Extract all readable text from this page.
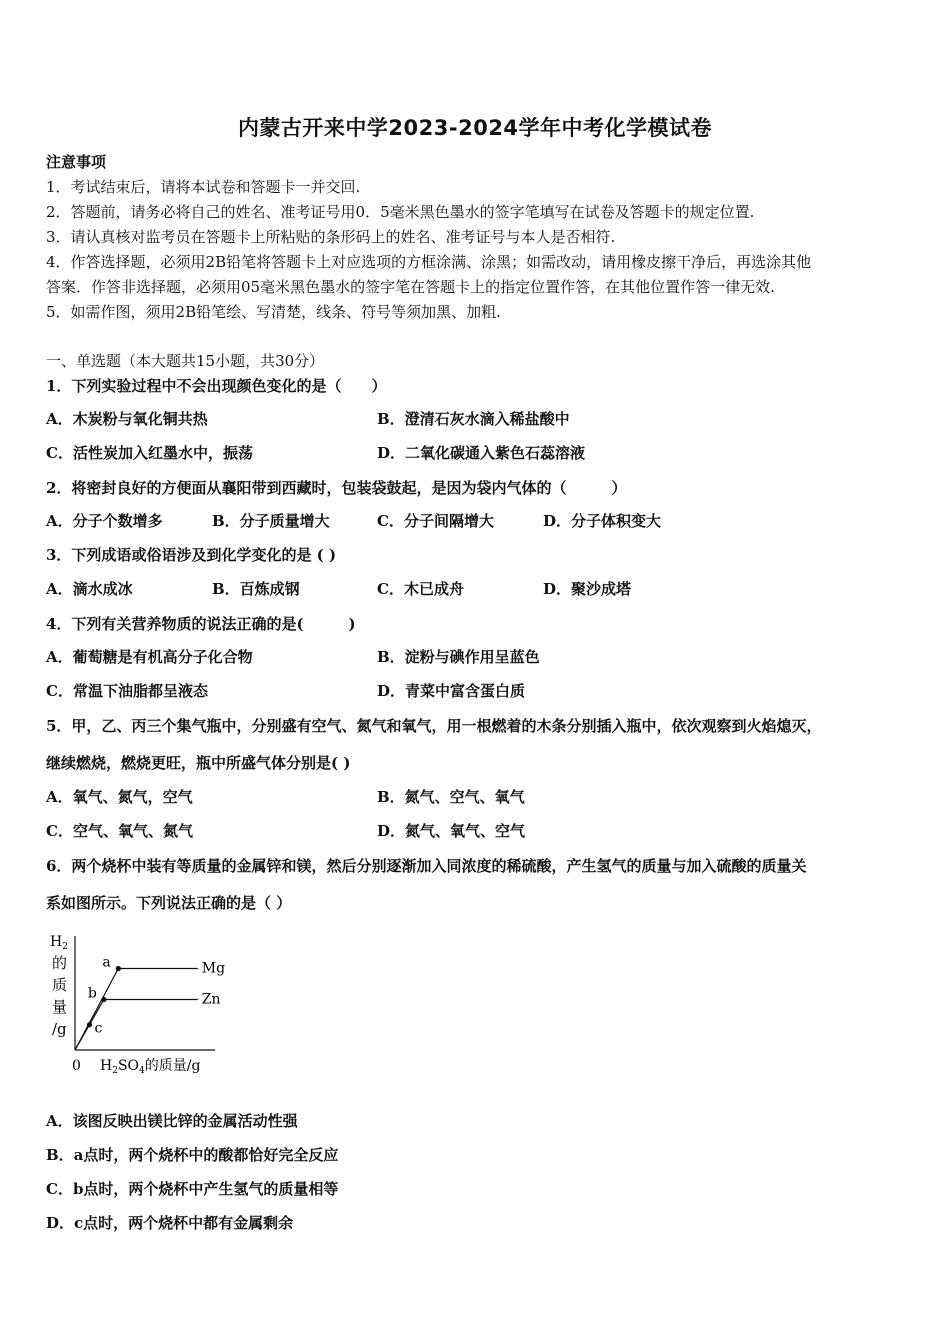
内蒙古开来中学2023-2024学年中考化学模试卷
注意事项
1．考试结束后，请将本试卷和答题卡一并交回.
2．答题前，请务必将自己的姓名、准考证号用0．5毫米黑色墨水的签字笔填写在试卷及答题卡的规定位置.
3．请认真核对监考员在答题卡上所粘贴的条形码上的姓名、准考证号与本人是否相符.
4．作答选择题，必须用2B铅笔将答题卡上对应选项的方框涂满、涂黑；如需改动，请用橡皮擦干净后，再选涂其他
答案．作答非选择题，必须用05毫米黑色墨水的签字笔在答题卡上的指定位置作答，在其他位置作答一律无效.
5．如需作图，须用2B铅笔绘、写清楚，线条、符号等须加黑、加粗.
一、单选题（本大题共15小题，共30分）
1．下列实验过程中不会出现颜色变化的是（　　）
A．木炭粉与氧化铜共热	B．澄清石灰水滴入稀盐酸中
C．活性炭加入红墨水中，振荡	D．二氧化碳通入紫色石蕊溶液
2．将密封良好的方便面从襄阳带到西藏时，包装袋鼓起，是因为袋内气体的（　　　）
A．分子个数增多	B．分子质量增大	C．分子间隔增大	D．分子体积变大
3．下列成语或俗语涉及到化学变化的是 ( )
A．滴水成冰	B．百炼成钢	C．木已成舟	D．聚沙成塔
4．下列有关营养物质的说法正确的是(　　　)
A．葡萄糖是有机高分子化合物	B．淀粉与碘作用呈蓝色
C．常温下油脂都呈液态	D．青菜中富含蛋白质
5．甲，乙、丙三个集气瓶中，分别盛有空气、氮气和氧气，用一根燃着的木条分别插入瓶中，依次观察到火焰熄灭，
继续燃烧，燃烧更旺，瓶中所盛气体分别是( )
A．氧气、氮气，空气	B．氮气、空气、氧气
C．空气、氧气、氮气	D．氮气、氧气、空气
6．两个烧杯中装有等质量的金属锌和镁，然后分别逐渐加入同浓度的稀硫酸，产生氢气的质量与加入硫酸的质量关
系如图所示。下列说法正确的是（ ）
Mg
Zn
a
b
c
$H_2$
的
质
量
/g
0 $H_2SO_4$的质量/g
A．该图反映出镁比锌的金属活动性强
B．a点时，两个烧杯中的酸都恰好完全反应
C．b点时，两个烧杯中产生氢气的质量相等
D．c点时，两个烧杯中都有金属剩余
